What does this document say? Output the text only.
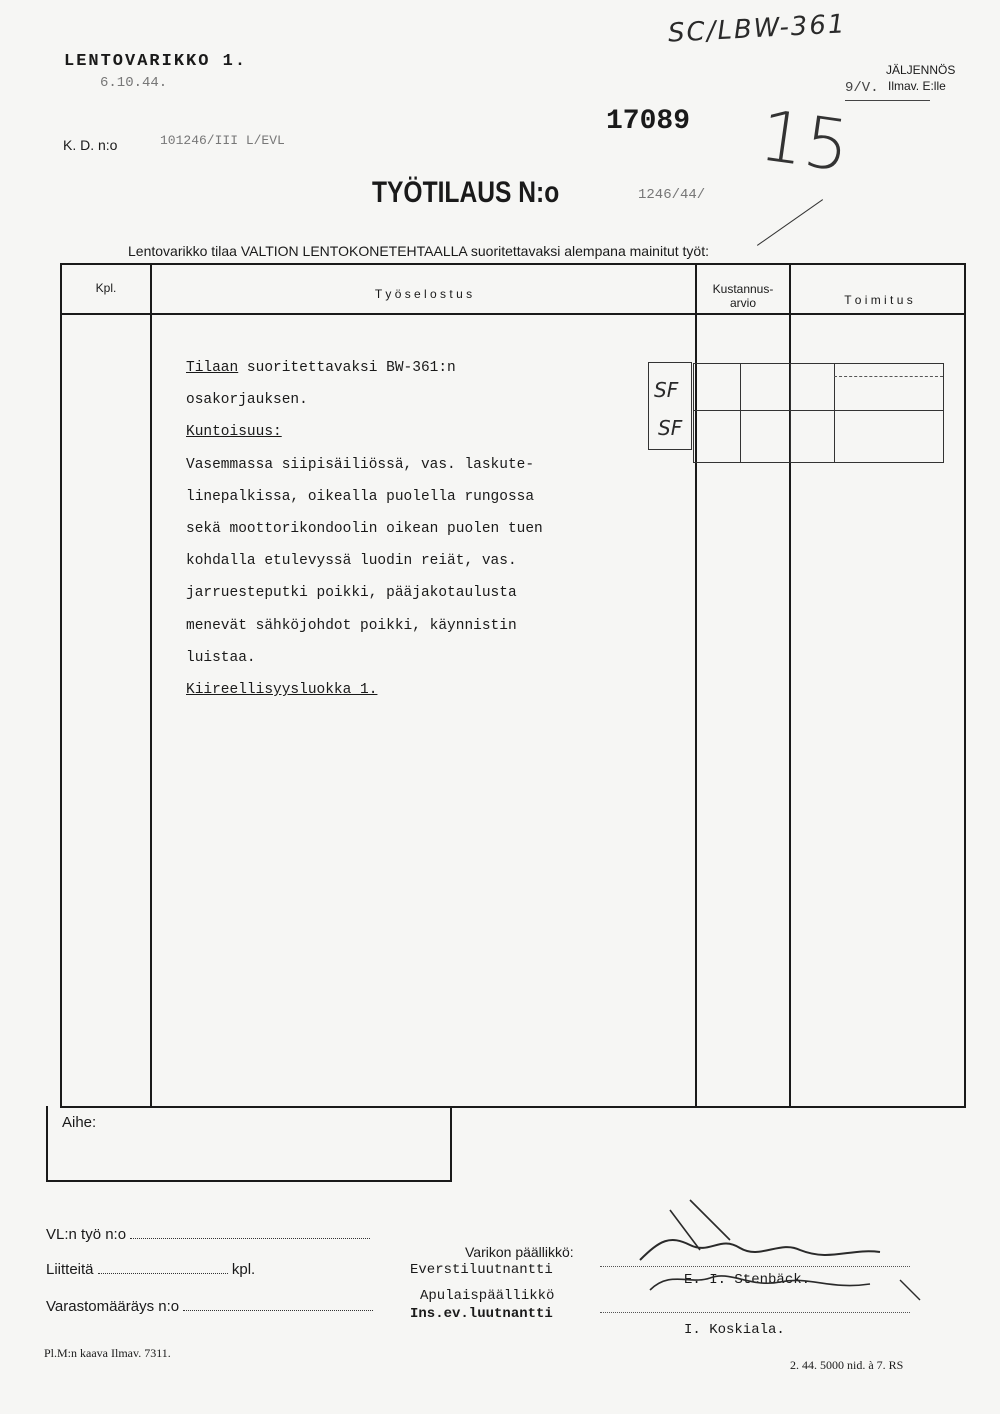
LENTOVARIKKO 1.
6.10.44.
SC/LBW-361
JÄLJENNÖS
9/V. Ilmav. E:lle
17089
K. D. n:o	101246/III L/EVL	15
TYÖTILAUS N:o	1246/44/
Lentovarikko tilaa VALTION LENTOKONETEHTAALLA suoritettavaksi alempana mainitut työt:
Kpl.	T y ö s e l o s t u s	Kustannus-
arvio	T o i m i t u s
SF
SF
Tilaan suoritettavaksi BW-361:n
osakorjauksen.
Kuntoisuus:
Vasemmassa siipisäiliössä, vas. laskute-
linepalkissa, oikealla puolella rungossa
sekä moottorikondoolin oikean puolen tuen
kohdalla etulevyssä luodin reiät, vas.
jarruesteputki poikki, pääjakotaulusta
menevät sähköjohdot poikki, käynnistin
luistaa.
Kiireellisyysluokka 1.
Aihe:
VL:n työ n:o
Liitteitä	kpl.
Varastomääräys n:o
Varikon päällikkö:
Everstiluutnantti
E. I. Stenbäck.
Apulaispäällikkö
Ins.ev.luutnantti
I. Koskiala.
Pl.M:n kaava Ilmav. 7311.
2. 44. 5000 nid. à 7. RS
